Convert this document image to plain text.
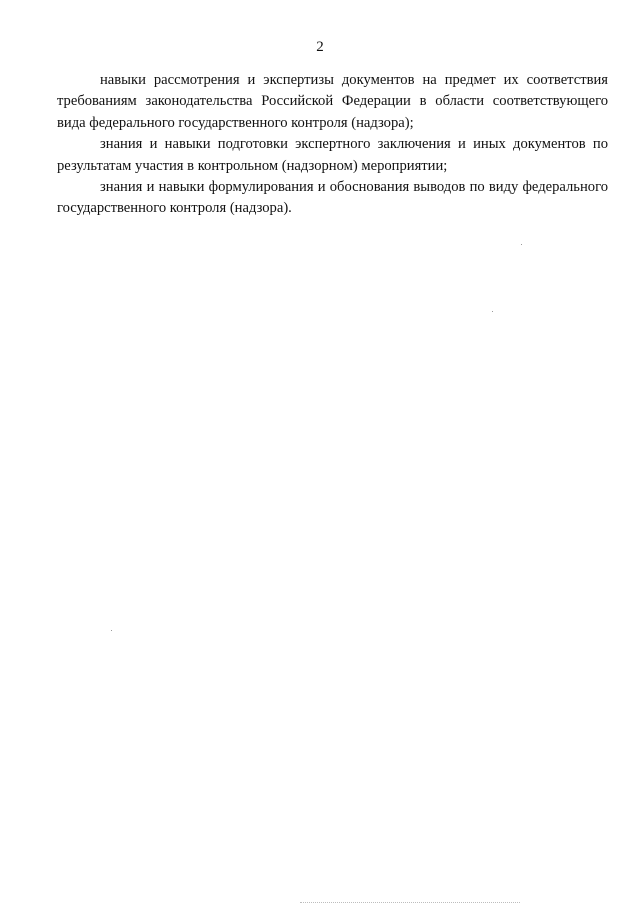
2

навыки рассмотрения и экспертизы документов на предмет их соответствия требованиям законодательства Российской Федерации в области соответствующего вида федерального государственного контроля (надзора);

знания и навыки подготовки экспертного заключения и иных документов по результатам участия в контрольном (надзорном) мероприятии;

знания и навыки формулирования и обоснования выводов по виду федерального государственного контроля (надзора).
